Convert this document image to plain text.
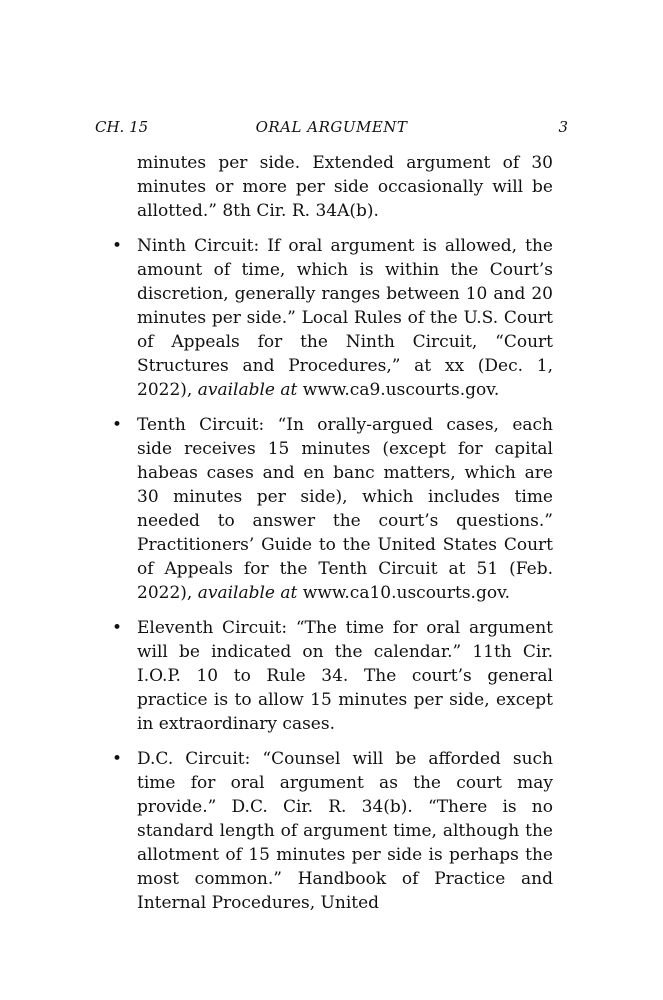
CH. 15	ORAL ARGUMENT	3

minutes per side. Extended argument of 30 minutes or more per side occasionally will be allotted.” 8th Cir. R. 34A(b).

• Ninth Circuit: If oral argument is allowed, the amount of time, which is within the Court’s discretion, generally ranges between 10 and 20 minutes per side.” Local Rules of the U.S. Court of Appeals for the Ninth Circuit, “Court Structures and Procedures,” at xx (Dec. 1, 2022), available at www.ca9.uscourts.gov.
• Tenth Circuit: “In orally-argued cases, each side receives 15 minutes (except for capital habeas cases and en banc matters, which are 30 minutes per side), which includes time needed to answer the court’s questions.” Practitioners’ Guide to the United States Court of Appeals for the Tenth Circuit at 51 (Feb. 2022), available at www.ca10.uscourts.gov.
• Eleventh Circuit: “The time for oral argument will be indicated on the calendar.” 11th Cir. I.O.P. 10 to Rule 34. The court’s general practice is to allow 15 minutes per side, except in extraordinary cases.
• D.C. Circuit: “Counsel will be afforded such time for oral argument as the court may provide.” D.C. Cir. R. 34(b). “There is no standard length of argument time, although the allotment of 15 minutes per side is perhaps the most common.” Handbook of Practice and Internal Procedures, United
